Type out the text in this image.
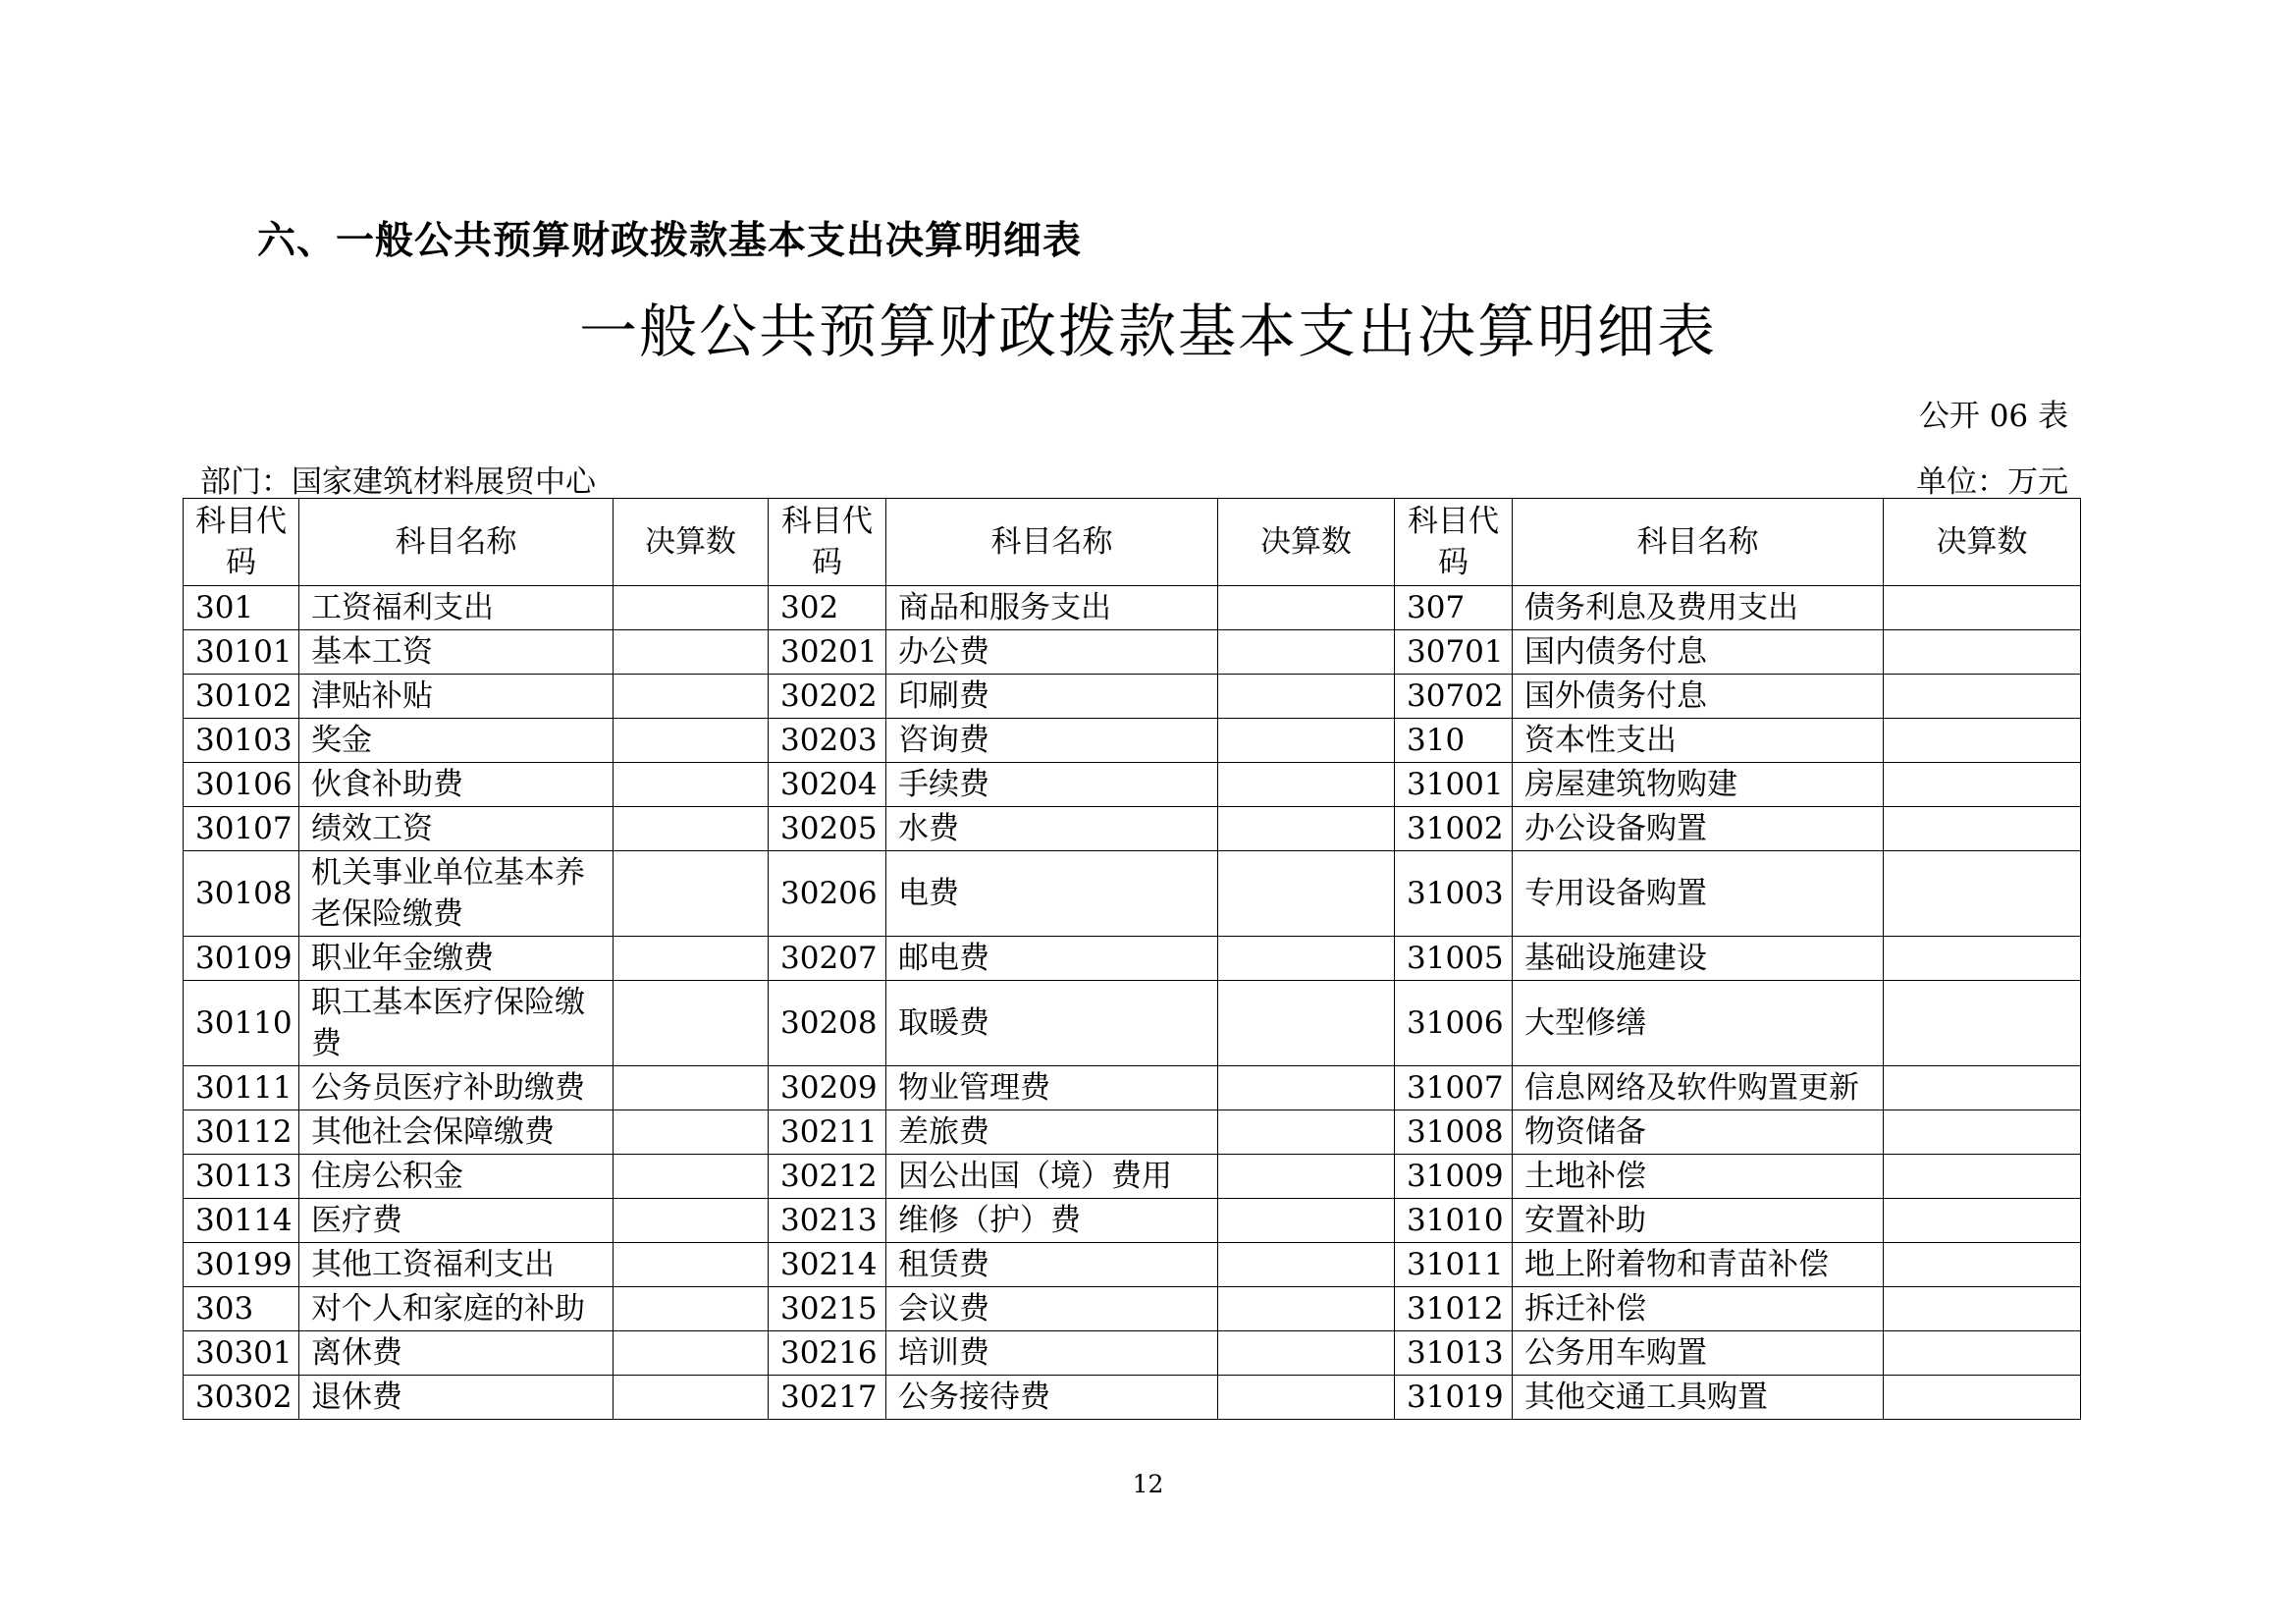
六、一般公共预算财政拨款基本支出决算明细表
一般公共预算财政拨款基本支出决算明细表
公开 06 表
部门：国家建筑材料展贸中心	单位：万元
科目代码	科目名称	决算数	科目代码	科目名称	决算数	科目代码	科目名称	决算数
301	工资福利支出		302	商品和服务支出		307	债务利息及费用支出	
30101	基本工资		30201	办公费		30701	国内债务付息	
30102	津贴补贴		30202	印刷费		30702	国外债务付息	
30103	奖金		30203	咨询费		310	资本性支出	
30106	伙食补助费		30204	手续费		31001	房屋建筑物购建	
30107	绩效工资		30205	水费		31002	办公设备购置	
30108	机关事业单位基本养老保险缴费		30206	电费		31003	专用设备购置	
30109	职业年金缴费		30207	邮电费		31005	基础设施建设	
30110	职工基本医疗保险缴费		30208	取暖费		31006	大型修缮	
30111	公务员医疗补助缴费		30209	物业管理费		31007	信息网络及软件购置更新	
30112	其他社会保障缴费		30211	差旅费		31008	物资储备	
30113	住房公积金		30212	因公出国（境）费用		31009	土地补偿	
30114	医疗费		30213	维修（护）费		31010	安置补助	
30199	其他工资福利支出		30214	租赁费		31011	地上附着物和青苗补偿	
303	对个人和家庭的补助		30215	会议费		31012	拆迁补偿	
30301	离休费		30216	培训费		31013	公务用车购置	
30302	退休费		30217	公务接待费		31019	其他交通工具购置	
12
